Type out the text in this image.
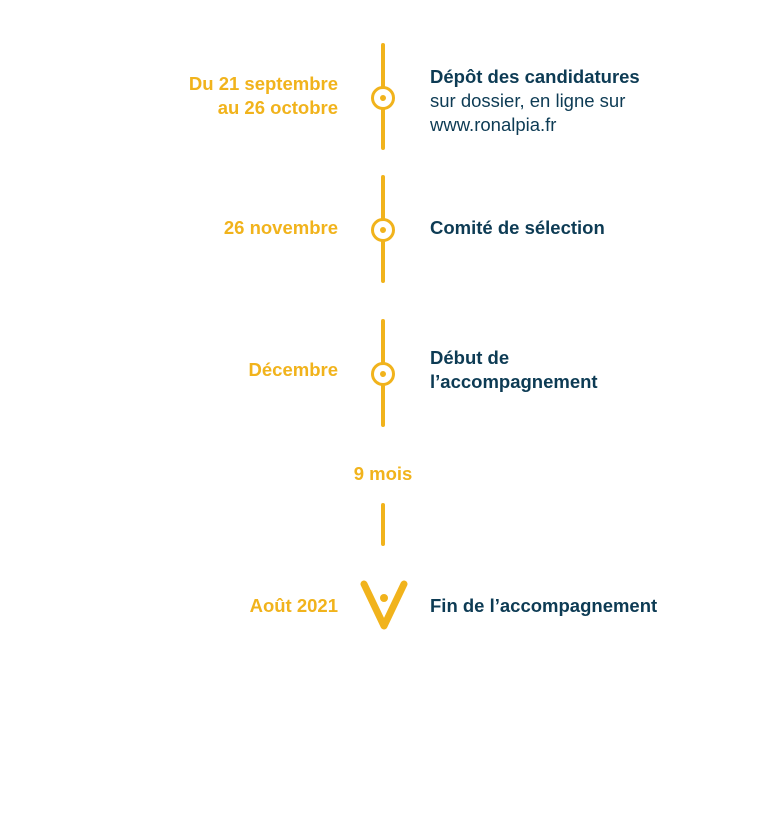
Du 21 septembre
au 26 octobre
Dépôt des candidatures
sur dossier, en ligne sur
www.ronalpia.fr
26 novembre	Comité de sélection
Décembre
Début de
l’accompagnement
9 mois
Août 2021	Fin de l’accompagnement
